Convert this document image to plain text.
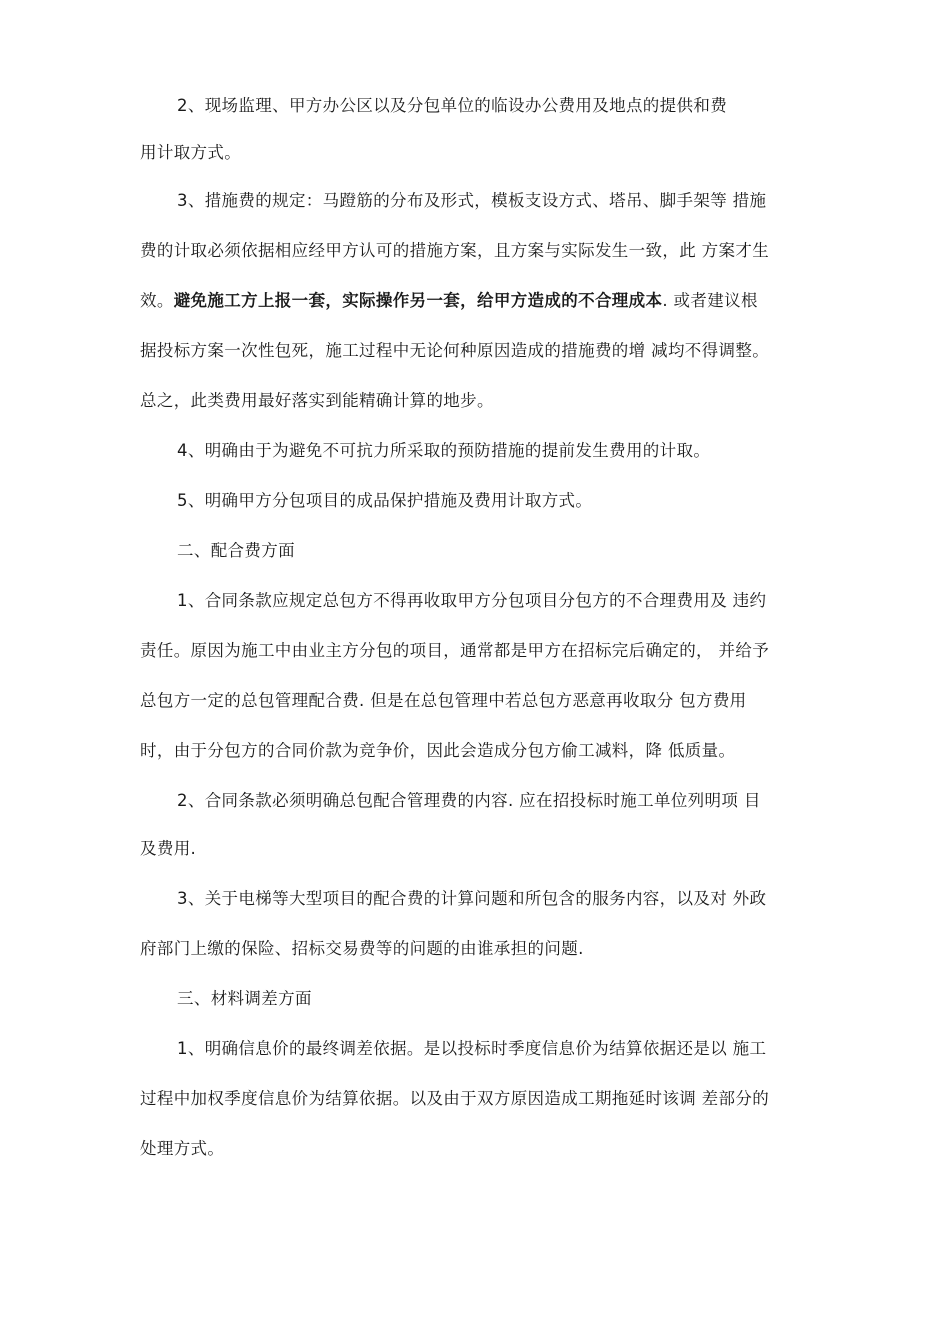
2、现场监理、甲方办公区以及分包单位的临设办公费用及地点的提供和费
用计取方式。
3、措施费的规定：马蹬筋的分布及形式，模板支设方式、塔吊、脚手架等 措施
费的计取必须依据相应经甲方认可的措施方案，且方案与实际发生一致，此 方案才生
效。避免施工方上报一套，实际操作另一套，给甲方造成的不合理成本. 或者建议根
据投标方案一次性包死，施工过程中无论何种原因造成的措施费的增 减均不得调整。
总之，此类费用最好落实到能精确计算的地步。
4、明确由于为避免不可抗力所采取的预防措施的提前发生费用的计取。
5、明确甲方分包项目的成品保护措施及费用计取方式。
二、配合费方面
1、合同条款应规定总包方不得再收取甲方分包项目分包方的不合理费用及 违约
责任。原因为施工中由业主方分包的项目，通常都是甲方在招标完后确定的， 并给予
总包方一定的总包管理配合费. 但是在总包管理中若总包方恶意再收取分 包方费用
时，由于分包方的合同价款为竞争价，因此会造成分包方偷工减料，降 低质量。
2、合同条款必须明确总包配合管理费的内容. 应在招投标时施工单位列明项 目
及费用.
3、关于电梯等大型项目的配合费的计算问题和所包含的服务内容，以及对 外政
府部门上缴的保险、招标交易费等的问题的由谁承担的问题.
三、材料调差方面
1、明确信息价的最终调差依据。是以投标时季度信息价为结算依据还是以 施工
过程中加权季度信息价为结算依据。以及由于双方原因造成工期拖延时该调 差部分的
处理方式。
